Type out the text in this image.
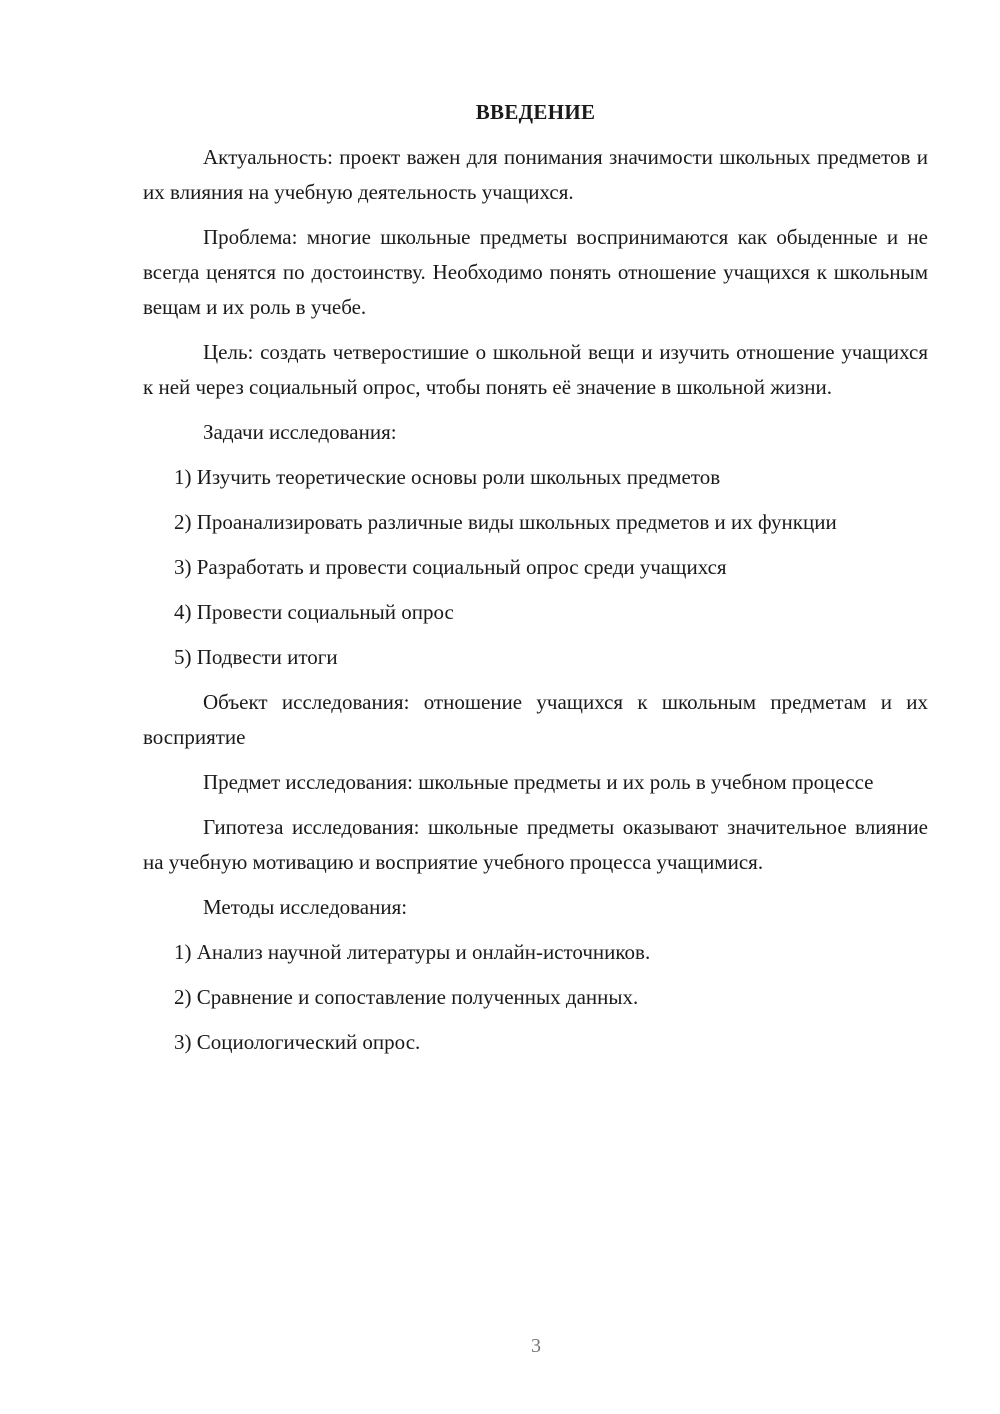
ВВЕДЕНИЕ
Актуальность: проект важен для понимания значимости школьных предметов и их влияния на учебную деятельность учащихся.
Проблема: многие школьные предметы воспринимаются как обыденные и не всегда ценятся по достоинству. Необходимо понять отношение учащихся к школьным вещам и их роль в учебе.
Цель: создать четверостишие о школьной вещи и изучить отношение учащихся к ней через социальный опрос, чтобы понять её значение в школьной жизни.
Задачи исследования:
1) Изучить теоретические основы роли школьных предметов
2) Проанализировать различные виды школьных предметов и их функции
3) Разработать и провести социальный опрос среди учащихся
4) Провести социальный опрос
5) Подвести итоги
Объект исследования: отношение учащихся к школьным предметам и их восприятие
Предмет исследования: школьные предметы и их роль в учебном процессе
Гипотеза исследования: школьные предметы оказывают значительное влияние на учебную мотивацию и восприятие учебного процесса учащимися.
Методы исследования:
1) Анализ научной литературы и онлайн-источников.
2) Сравнение и сопоставление полученных данных.
3) Социологический опрос.
3
